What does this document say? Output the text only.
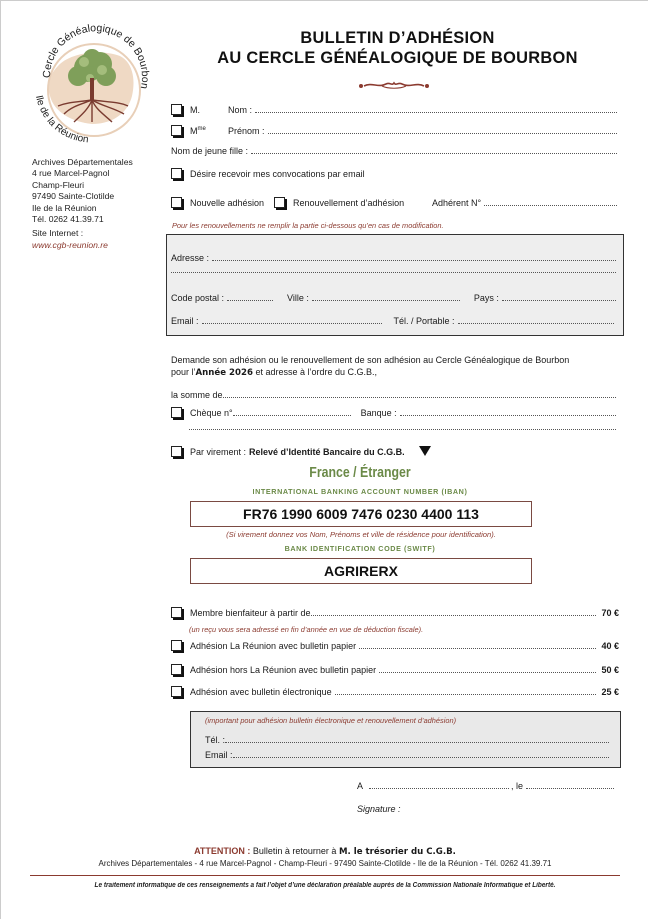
Cercle Généalogique de Bourbon
Ile de la Réunion
Archives Départementales
4 rue Marcel-Pagnol
Champ-Fleuri
97490 Sainte-Clotilde
Ile de la Réunion
Tél. 0262 41.39.71
Site Internet :
www.cgb-reunion.re
BULLETIN D’ADHÉSION
AU CERCLE GÉNÉALOGIQUE DE BOURBON
M.	Nom :
$M^{me}$	Prénom :
Nom de jeune fille :
Désire recevoir mes convocations par email
Nouvelle adhésion	Renouvellement d’adhésion	Adhérent N°
Pour les renouvellements ne remplir la partie ci-dessous qu’en cas de modification.
Adresse :
Code postal :	Ville :	Pays :
Email :	Tél. / Portable :
Demande son adhésion ou le renouvellement de son adhésion au Cercle Généalogique de Bourbon
pour l’Année 2026 et adresse à l’ordre du C.G.B.,
la somme de
Chèque n°	Banque :
Par virement : Relevé d’Identité Bancaire du C.G.B.
France / Étranger
INTERNATIONAL BANKING ACCOUNT NUMBER (IBAN)
FR76 1990 6009 7476 0230 4400 113
(Si virement donnez vos Nom, Prénoms et ville de résidence pour identification).
BANK IDENTIFICATION CODE (SWITF)
AGRIRERX
Membre bienfaiteur à partir de	70 €
(un reçu vous sera adressé en fin d’année en vue de déduction fiscale).
Adhésion La Réunion avec bulletin papier	40 €
Adhésion hors La Réunion avec bulletin papier	50 €
Adhésion avec bulletin électronique	25 €
(important pour adhésion bulletin électronique et renouvellement d’adhésion)
Tél. :
Email :
A	, le
Signature :
ATTENTION : Bulletin à retourner à M. le trésorier du C.G.B.
Archives Départementales - 4 rue Marcel-Pagnol - Champ-Fleuri - 97490 Sainte-Clotilde - Ile de la Réunion - Tél. 0262 41.39.71
Le traitement informatique de ces renseignements a fait l’objet d’une déclaration préalable auprès de la Commission Nationale Informatique et Liberté.
